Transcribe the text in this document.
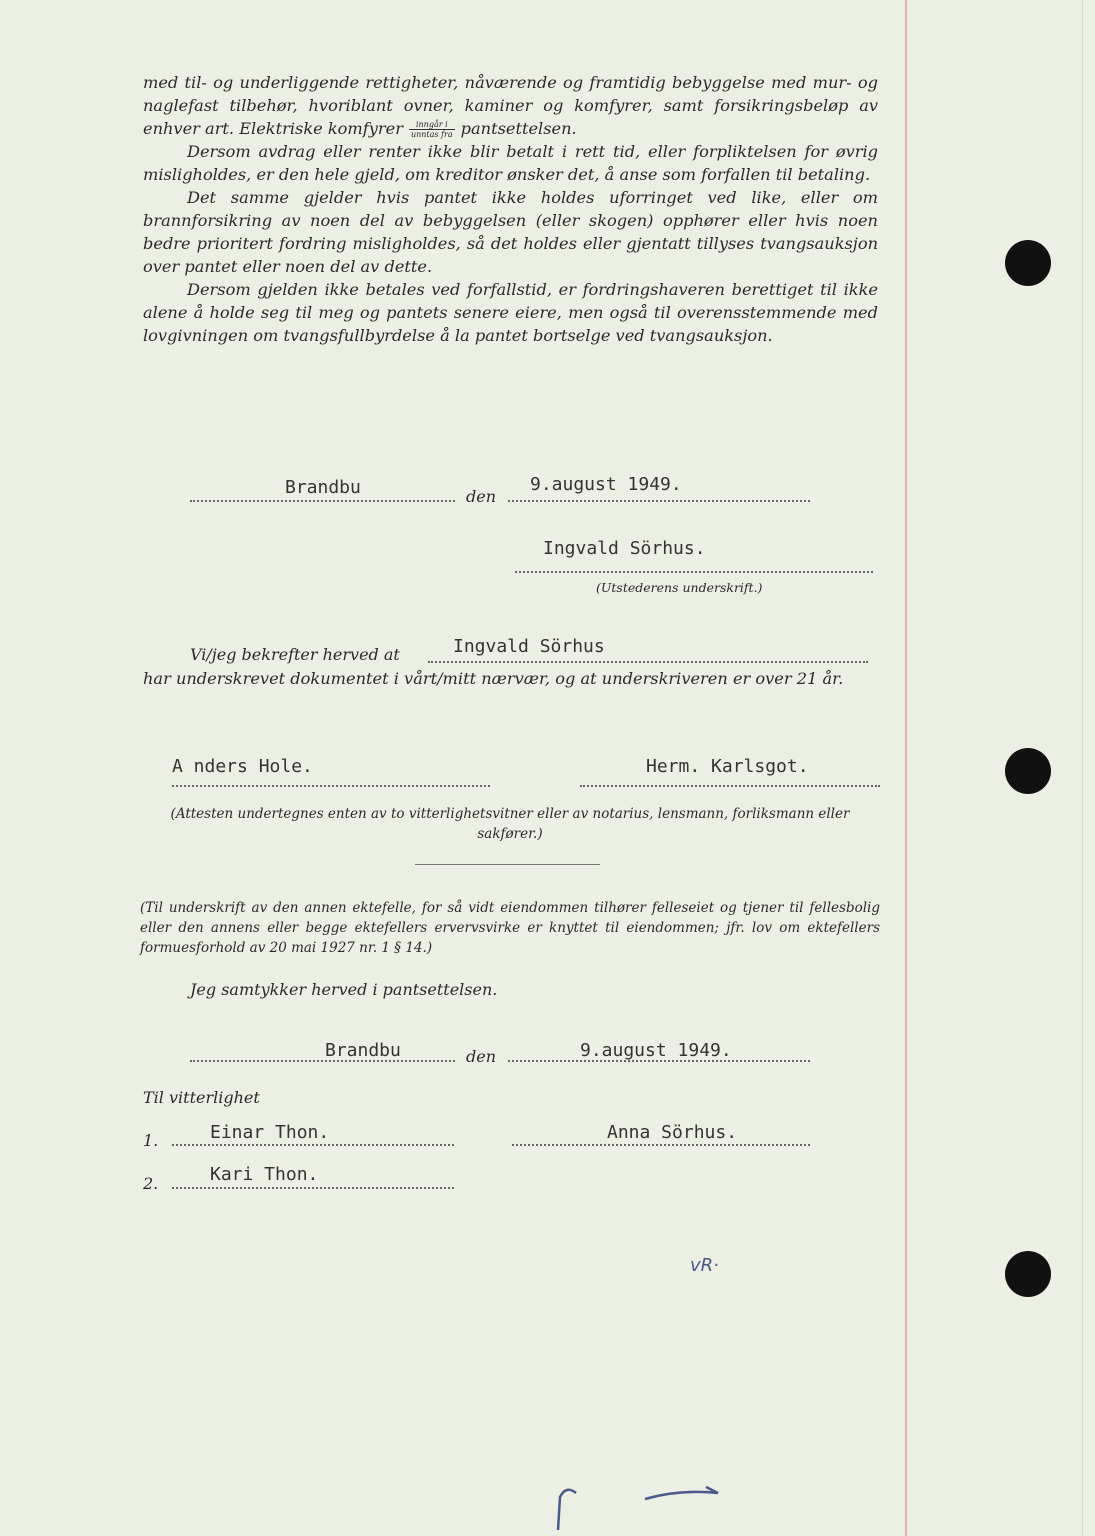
med til- og underliggende rettigheter, nåværende og framtidig bebyggelse med mur- og naglefast tilbehør, hvoriblant ovner, kaminer og komfyrer, samt forsikringsbeløp av enhver art. Elektriske komfyrer $\frac{\text{inngår i}}{\text{unntas fra}}$ pantsettelsen.

Dersom avdrag eller renter ikke blir betalt i rett tid, eller forpliktelsen for øvrig misligholdes, er den hele gjeld, om kreditor ønsker det, å anse som forfallen til betaling.

Det samme gjelder hvis pantet ikke holdes uforringet ved like, eller om brannforsikring av noen del av bebyggelsen (eller skogen) opphører eller hvis noen bedre prioritert fordring misligholdes, så det holdes eller gjentatt tillyses tvangsauksjon over pantet eller noen del av dette.

Dersom gjelden ikke betales ved forfallstid, er fordringshaveren berettiget til ikke alene å holde seg til meg og pantets senere eiere, men også til overensstemmende med lovgivningen om tvangsfullbyrdelse å la pantet bortselge ved tvangsauksjon.

Brandbu	den
9.august 1949.
Ingvald Sörhus.
(Utstederens underskrift.)
Vi/jeg bekrefter herved at	Ingvald Sörhus
har underskrevet dokumentet i vårt/mitt nærvær, og at underskriveren er over 21 år.
A nders Hole.	Herm. Karlsgot.
(Attesten undertegnes enten av to vitterlighetsvitner eller av notarius, lensmann, forliksmann eller sakfører.)
(Til underskrift av den annen ektefelle, for så vidt eiendommen tilhører felleseiet og tjener til fellesbolig eller den annens eller begge ektefellers ervervsvirke er knyttet til eiendommen; jfr. lov om ektefellers formuesforhold av 20 mai 1927 nr. 1 § 14.)
Jeg samtykker herved i pantsettelsen.
Brandbu	den	9.august 1949.
Til vitterlighet
1.	Einar Thon.	Anna Sörhus.
2.	Kari Thon.
vR·
